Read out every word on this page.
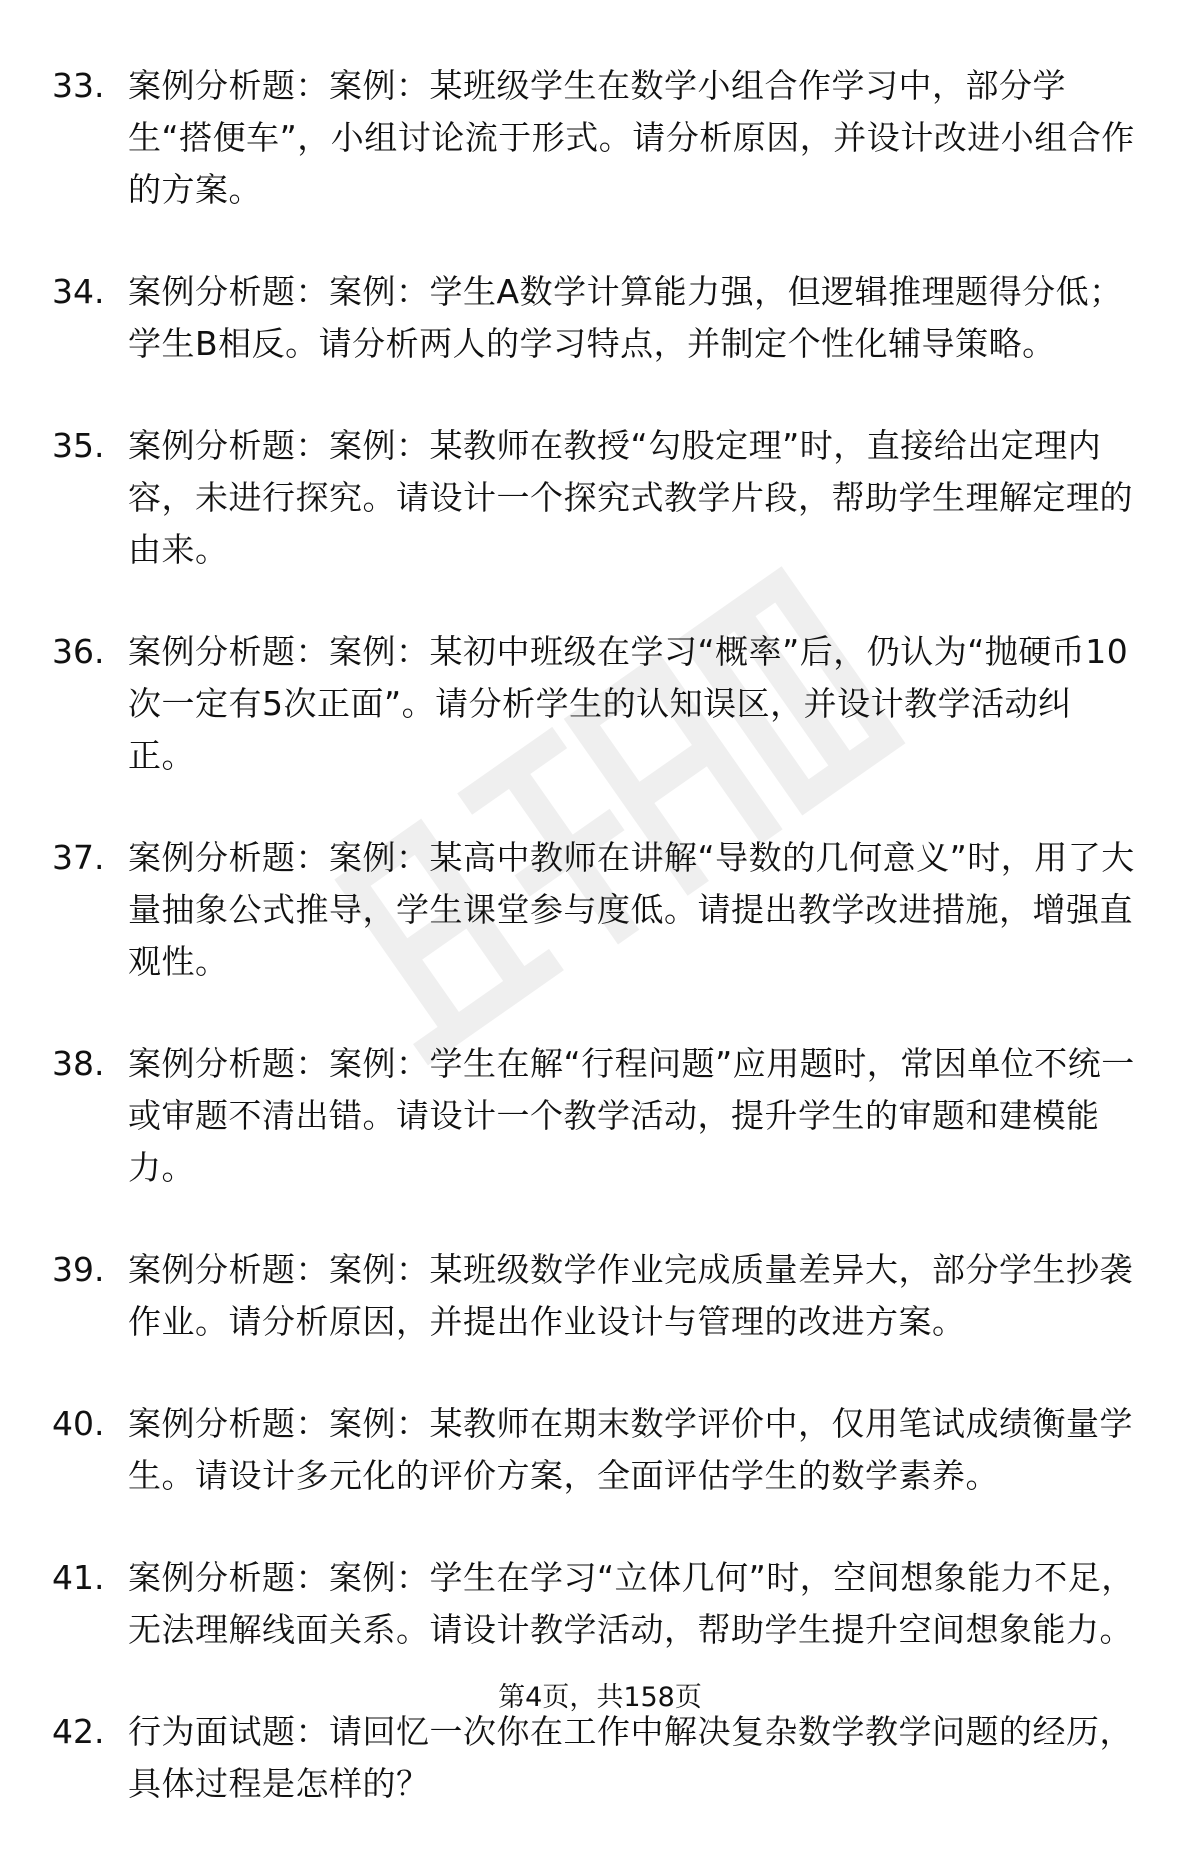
33. 案例分析题：案例：某班级学生在数学小组合作学习中，部分学生“搭便车”，小组讨论流于形式。请分析原因，并设计改进小组合作的方案。
34. 案例分析题：案例：学生A数学计算能力强，但逻辑推理题得分低；学生B相反。请分析两人的学习特点，并制定个性化辅导策略。
35. 案例分析题：案例：某教师在教授“勾股定理”时，直接给出定理内容，未进行探究。请设计一个探究式教学片段，帮助学生理解定理的由来。
36. 案例分析题：案例：某初中班级在学习“概率”后，仍认为“抛硬币10次一定有5次正面”。请分析学生的认知误区，并设计教学活动纠正。
37. 案例分析题：案例：某高中教师在讲解“导数的几何意义”时，用了大量抽象公式推导，学生课堂参与度低。请提出教学改进措施，增强直观性。
38. 案例分析题：案例：学生在解“行程问题”应用题时，常因单位不统一或审题不清出错。请设计一个教学活动，提升学生的审题和建模能力。
39. 案例分析题：案例：某班级数学作业完成质量差异大，部分学生抄袭作业。请分析原因，并提出作业设计与管理的改进方案。
40. 案例分析题：案例：某教师在期末数学评价中，仅用笔试成绩衡量学生。请设计多元化的评价方案，全面评估学生的数学素养。
41. 案例分析题：案例：学生在学习“立体几何”时，空间想象能力不足，无法理解线面关系。请设计教学活动，帮助学生提升空间想象能力。
42. 行为面试题：请回忆一次你在工作中解决复杂数学教学问题的经历，具体过程是怎样的？
第4页，共158页
